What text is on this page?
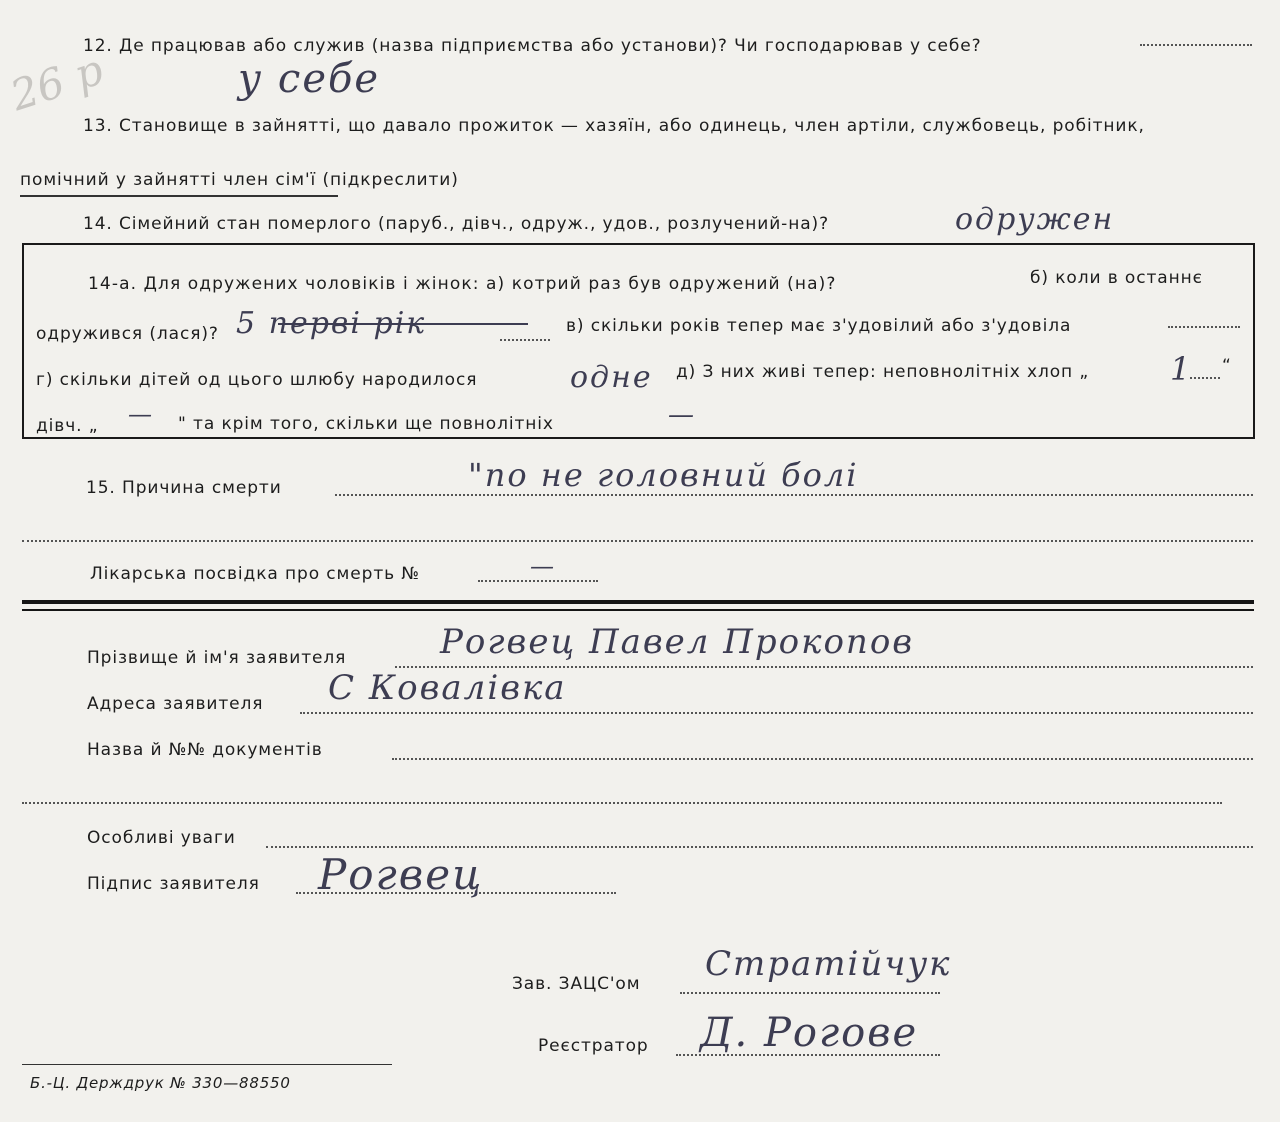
12. Де працював або служив (назва підприємства або установи)? Чи господарював у себе?
26 р	у себе
13. Становище в зайнятті, що давало прожиток — хазяїн, або одинець, член артіли, службовець, робітник,
помічний у зайнятті член сім'ї (підкреслити)
14. Сімейний стан померлого (паруб., дівч., одруж., удов., розлучений-на)?	одружен
14-а. Для одружених чоловіків і жінок: а) котрий раз був одружений (на)?	б) коли в останнє
одружився (лася)? 5 перві рік	в) скільки років тепер має з'удовілий або з'удовіла
г) скільки дітей од цього шлюбу народилося	одне д) З них живі тепер: неповнолітніх хлоп „	1 “
дівч. „ — " та крім того, скільки ще повнолітніх	—
15. Причина смерти	"по не головний болі
Лікарська посвідка про смерть №	—
Прізвище й ім'я заявителя	Рогвец Павел Прокопов
Адреса заявителя С Ковалівка
Назва й №№ документів
Особливі уваги
Підпис заявителя Рогвец
Зав. ЗАЦС'ом Стратійчук
Реєстратор Д. Рогове
Б.-Ц. Держдрук № 330—88550
